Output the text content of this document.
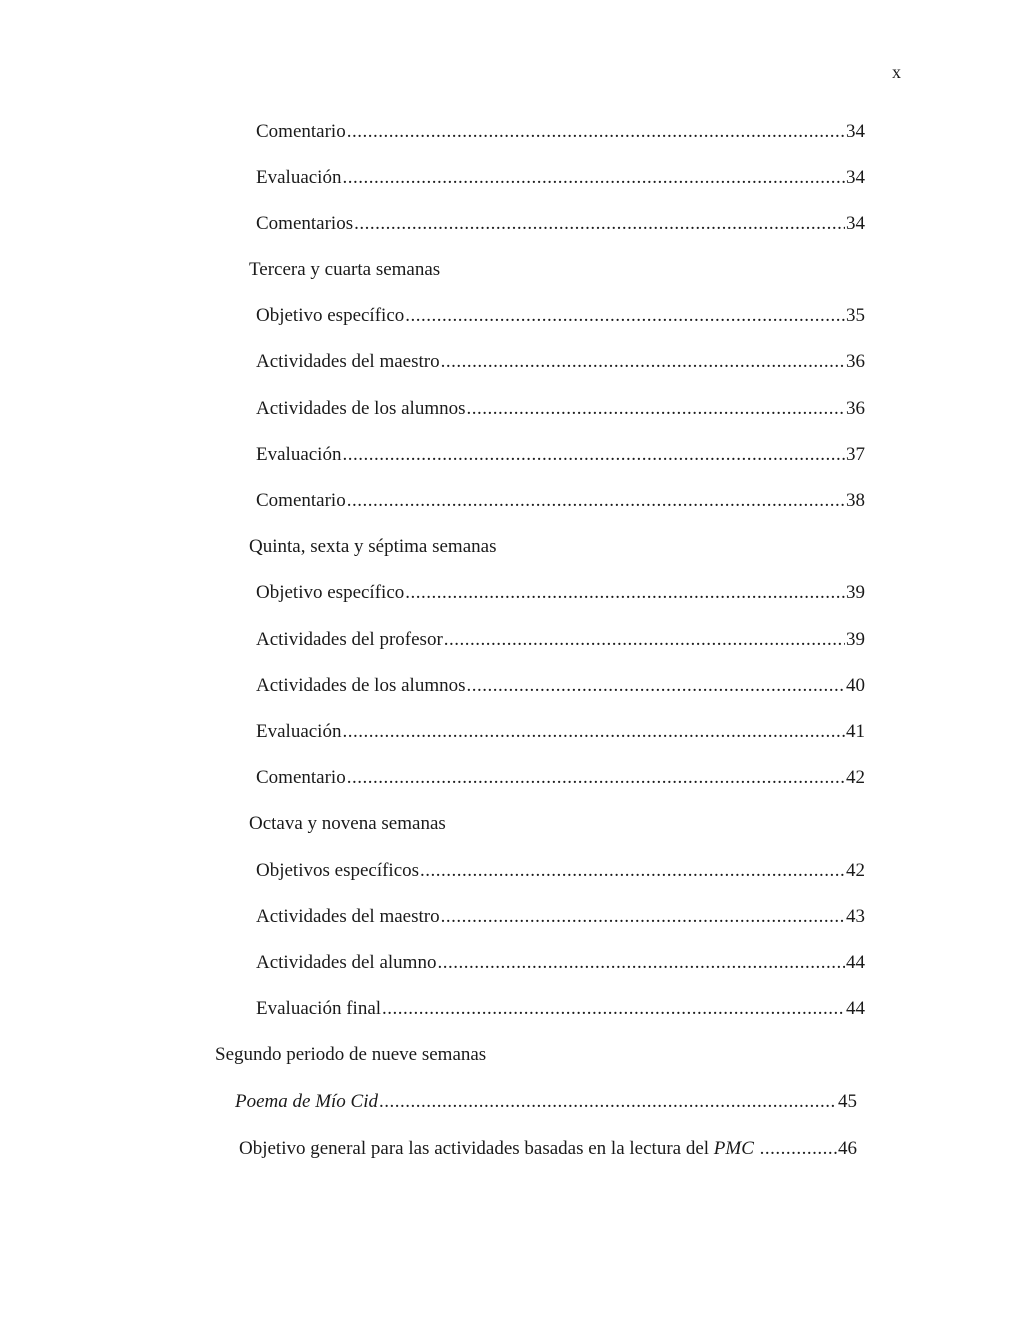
x
Comentario .....	34
Evaluación .....	34
Comentarios .....	34
Tercera y cuarta semanas
Objetivo específico .....	35
Actividades del maestro .....	36
Actividades de los alumnos .....	36
Evaluación .....	37
Comentario .....	38
Quinta, sexta y séptima semanas
Objetivo específico .....	39
Actividades del profesor .....	39
Actividades de los alumnos .....	40
Evaluación .....	41
Comentario .....	42
Octava y novena semanas
Objetivos específicos .....	42
Actividades del maestro .....	43
Actividades del alumno .....	44
Evaluación final .....	44
Segundo periodo de nueve semanas
Poema de Mío Cid .....	45
Objetivo general para las actividades basadas en la lectura del PMC .....	46
